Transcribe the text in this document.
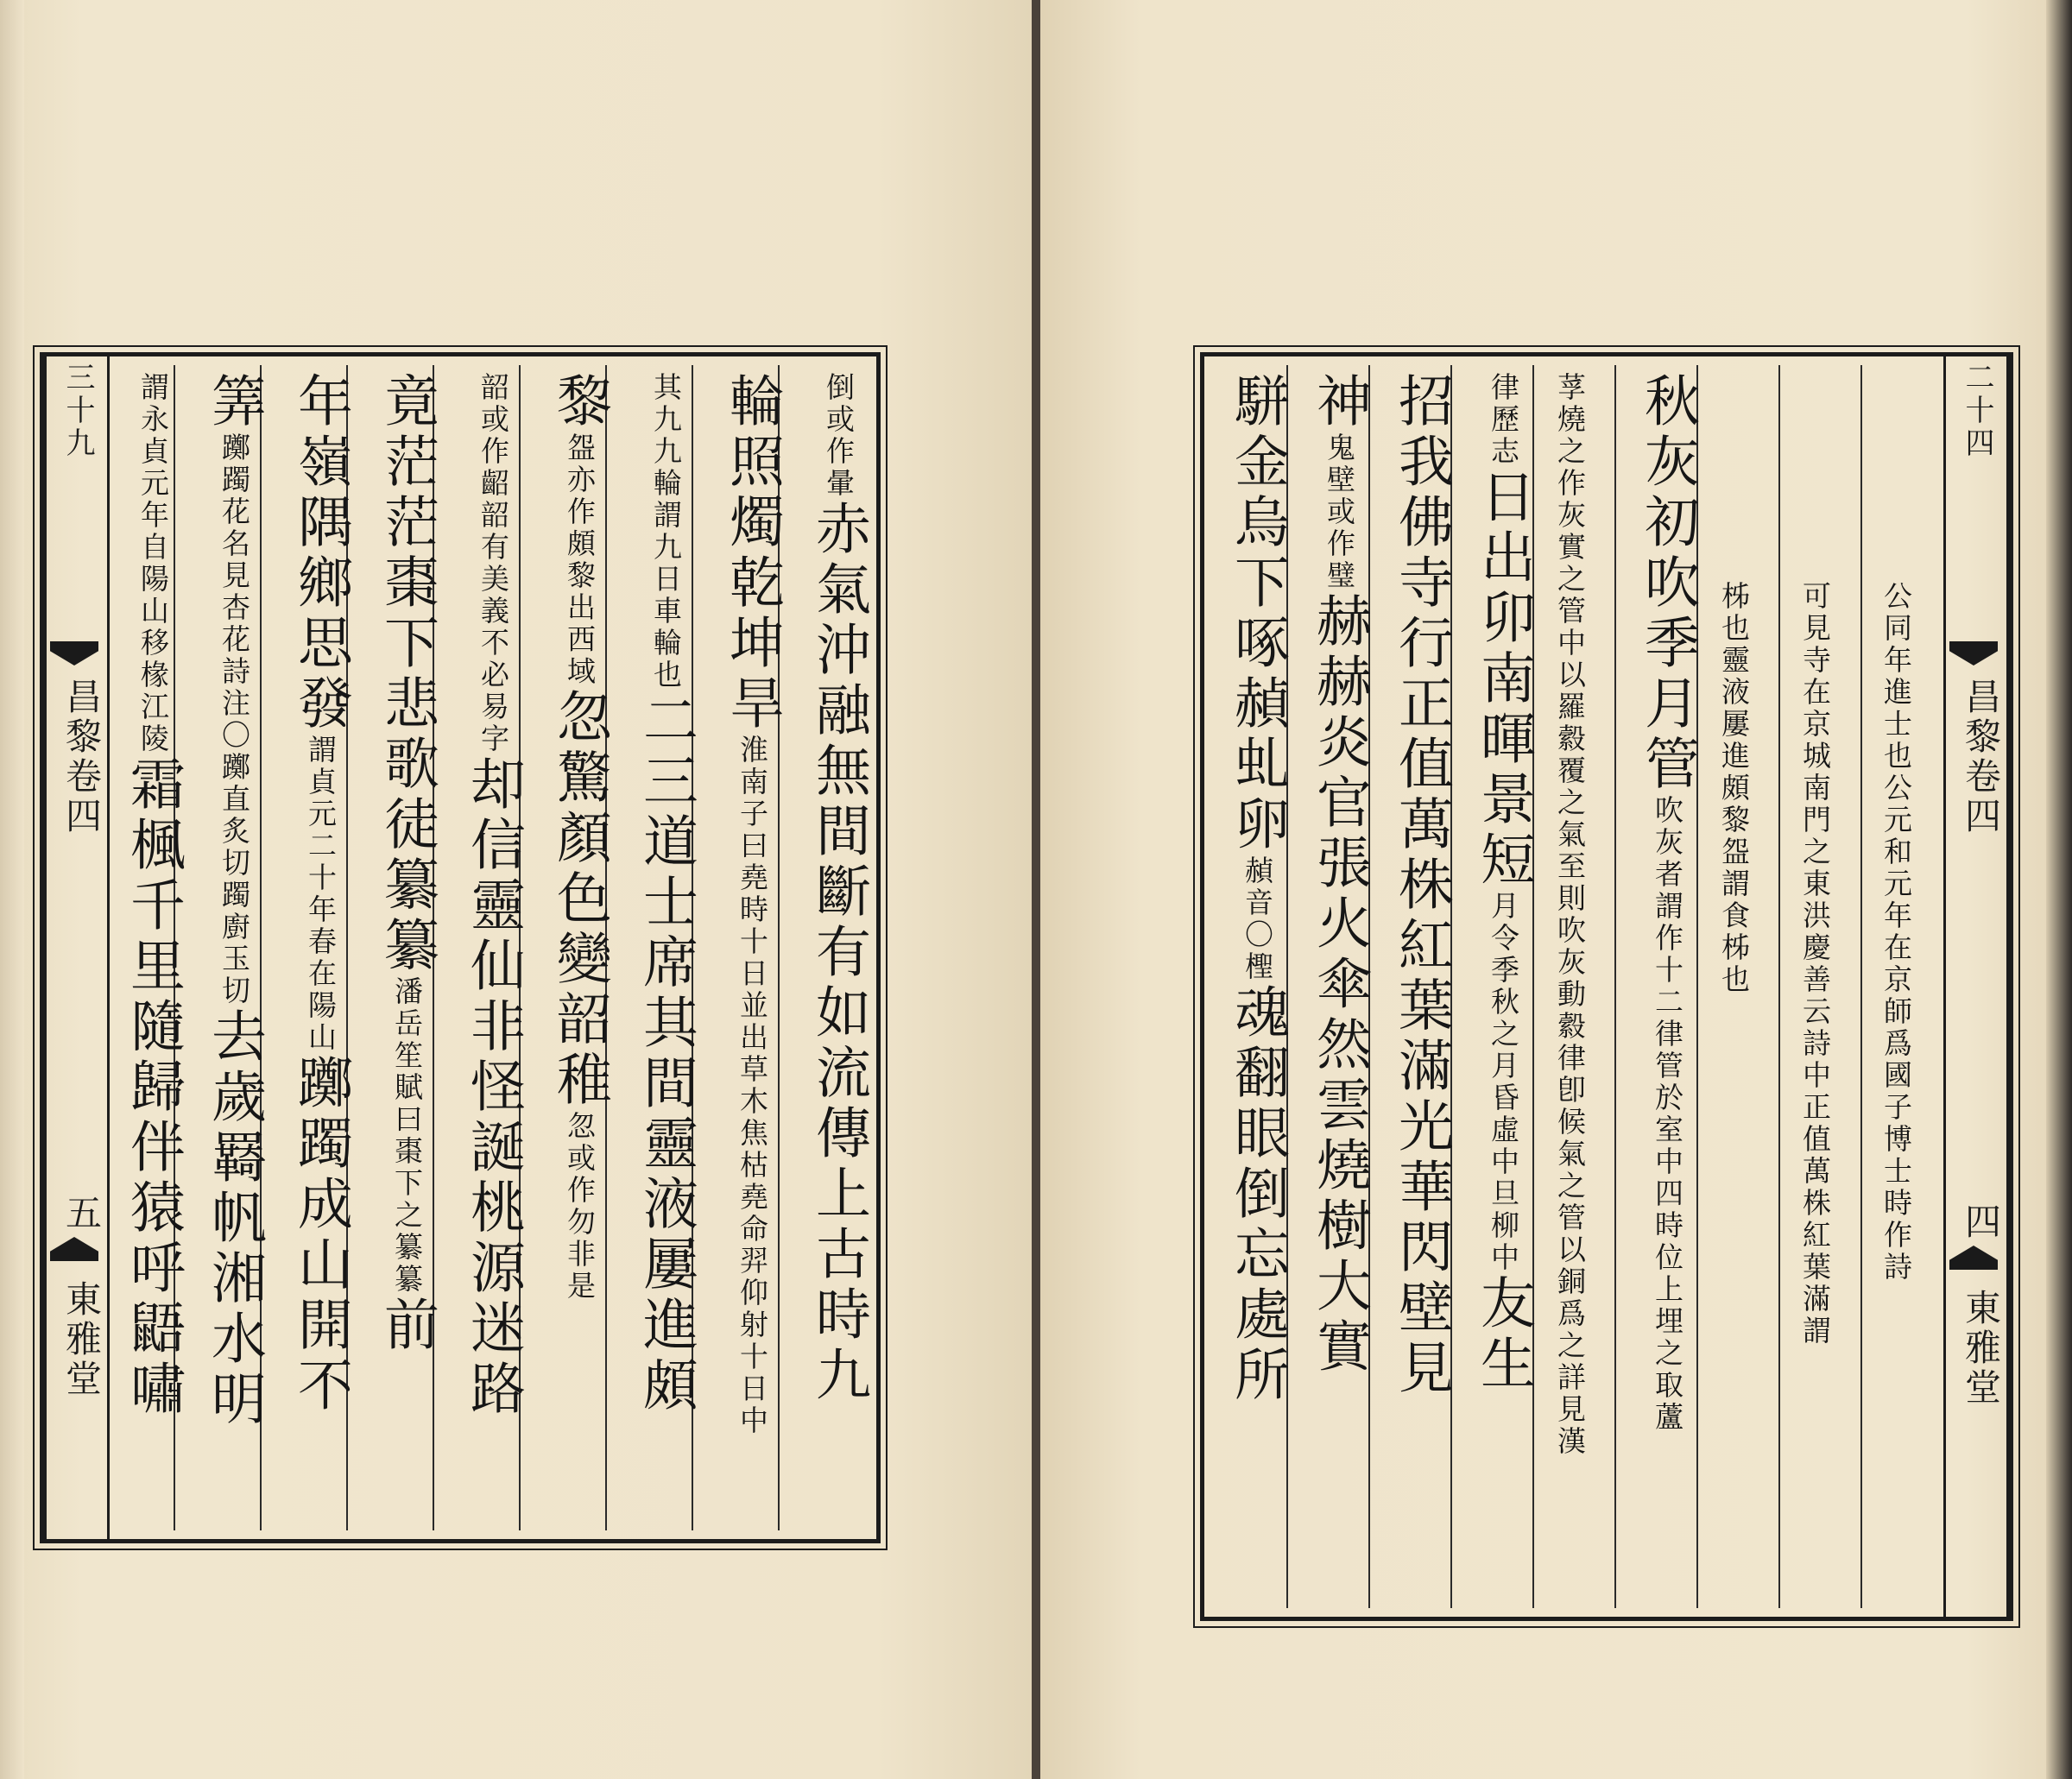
三十九
昌黎卷四
五
東雅堂
倒或作暈赤氣沖融無間斷有如流傳上古時九
輪照燭乾坤旱淮南子曰堯時十日並出草木焦枯堯命羿仰射十日中
其九九輪謂九日車輪也二三道士席其間靈液屢進頗
黎盌亦作頗黎出西域忽驚顏色變韶稚忽或作勿非是
韶或作齠韶有美義不必易字却信靈仙非怪誕桃源迷路
竟茫茫棗下悲歌徒纂纂潘岳笙賦曰棗下之纂纂前
年嶺隅鄉思發謂貞元二十年春在陽山躑躅成山開不
筭躑躅花名見杏花詩注〇躑直炙切躅廚玉切去歲羇帆湘水明
謂永貞元年自陽山移椽江陵霜楓千里隨歸伴猿呼鼯嘯
二十四
昌黎卷四
四
東雅堂
公同年進士也公元和元年在京師爲國子博士時作詩
可見寺在京城南門之東洪慶善云詩中正值萬株紅葉滿謂
柹也靈液屢進頗黎盌謂食柹也
秋灰初吹季月管吹灰者謂作十二律管於室中四時位上埋之取蘆
莩燒之作灰實之管中以羅縠覆之氣至則吹灰動縠律卽候氣之管以銅爲之詳見漢
律歷志日出卯南暉景短月令季秋之月昏虛中旦柳中友生
招我佛寺行正值萬株紅葉滿光華閃壁見
神鬼壁或作璧赫赫炎官張火傘然雲燒樹大實
駢金烏下啄赬虬卵赬音〇檉魂翻眼倒忘處所
